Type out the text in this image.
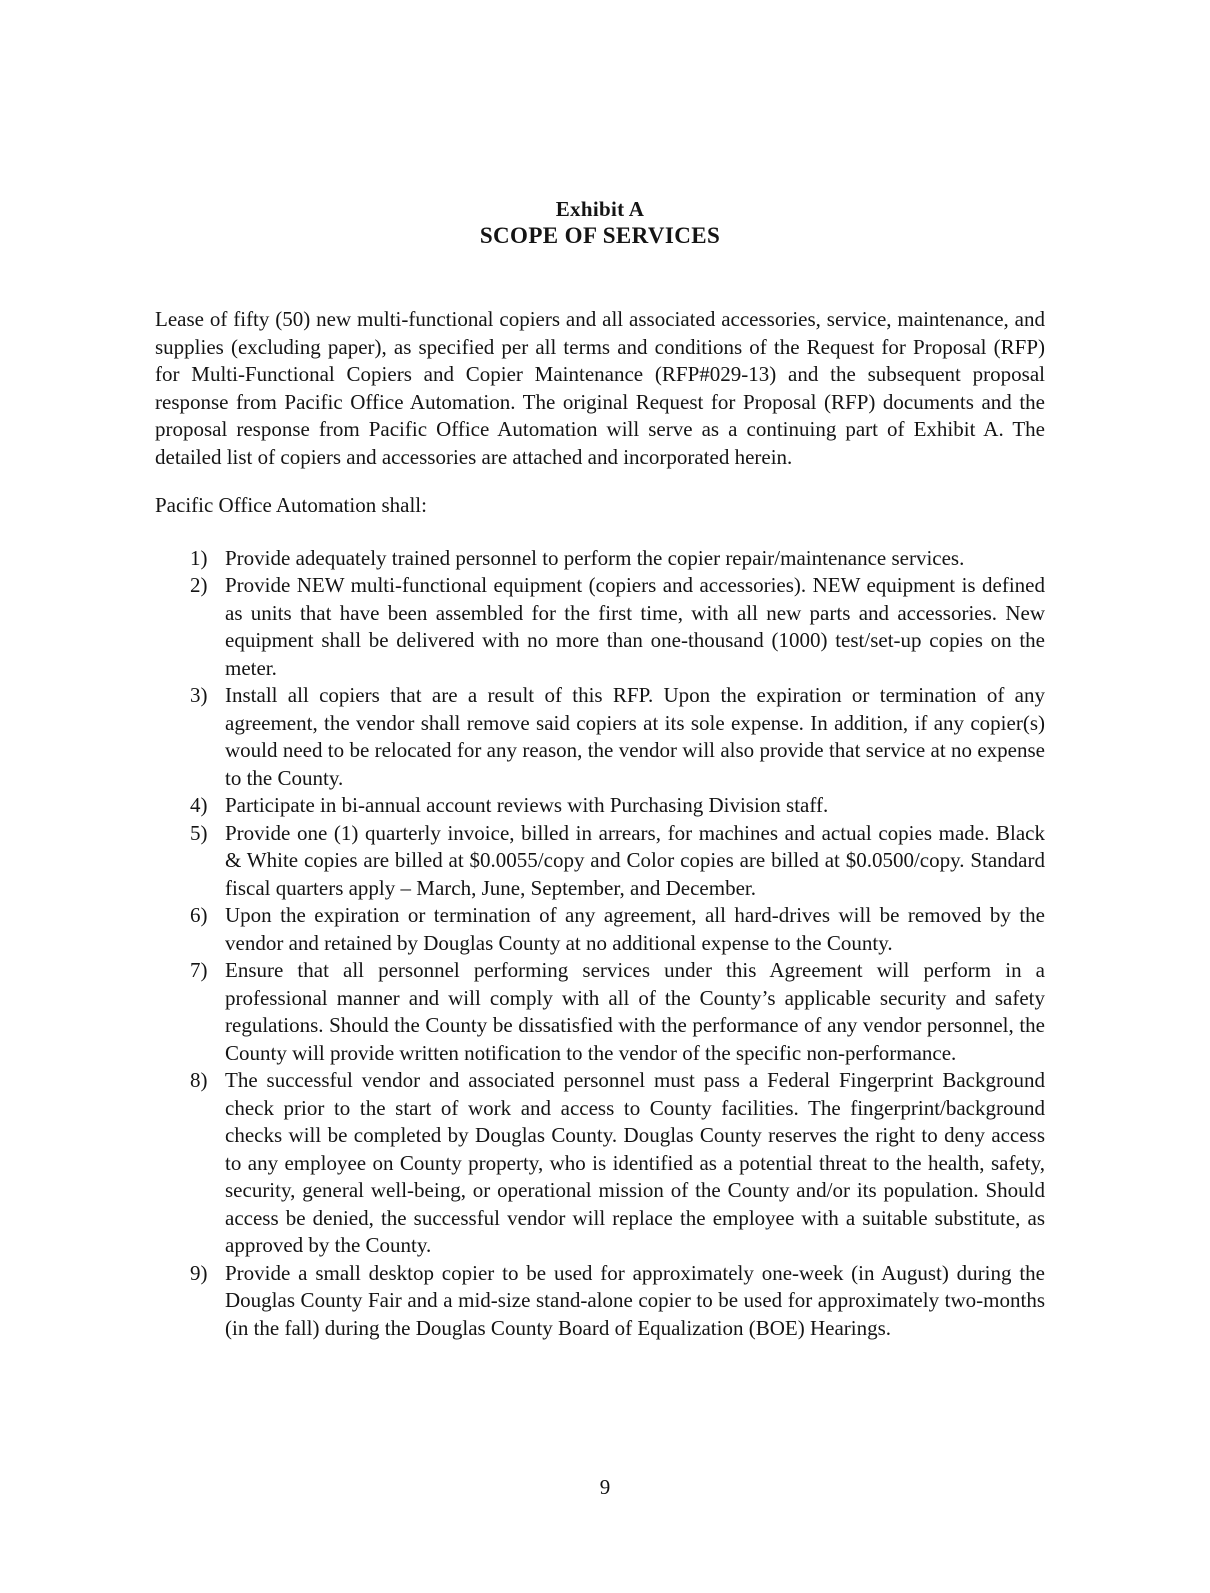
Exhibit A
SCOPE OF SERVICES

Lease of fifty (50) new multi-functional copiers and all associated accessories, service, maintenance, and supplies (excluding paper), as specified per all terms and conditions of the Request for Proposal (RFP) for Multi-Functional Copiers and Copier Maintenance (RFP#029-13) and the subsequent proposal response from Pacific Office Automation. The original Request for Proposal (RFP) documents and the proposal response from Pacific Office Automation will serve as a continuing part of Exhibit A. The detailed list of copiers and accessories are attached and incorporated herein.

Pacific Office Automation shall:

1) Provide adequately trained personnel to perform the copier repair/maintenance services.
2) Provide NEW multi-functional equipment (copiers and accessories). NEW equipment is defined as units that have been assembled for the first time, with all new parts and accessories. New equipment shall be delivered with no more than one-thousand (1000) test/set-up copies on the meter.
3) Install all copiers that are a result of this RFP. Upon the expiration or termination of any agreement, the vendor shall remove said copiers at its sole expense. In addition, if any copier(s) would need to be relocated for any reason, the vendor will also provide that service at no expense to the County.
4) Participate in bi-annual account reviews with Purchasing Division staff.
5) Provide one (1) quarterly invoice, billed in arrears, for machines and actual copies made. Black & White copies are billed at $0.0055/copy and Color copies are billed at $0.0500/copy. Standard fiscal quarters apply – March, June, September, and December.
6) Upon the expiration or termination of any agreement, all hard-drives will be removed by the vendor and retained by Douglas County at no additional expense to the County.
7) Ensure that all personnel performing services under this Agreement will perform in a professional manner and will comply with all of the County’s applicable security and safety regulations. Should the County be dissatisfied with the performance of any vendor personnel, the County will provide written notification to the vendor of the specific non-performance.
8) The successful vendor and associated personnel must pass a Federal Fingerprint Background check prior to the start of work and access to County facilities. The fingerprint/background checks will be completed by Douglas County. Douglas County reserves the right to deny access to any employee on County property, who is identified as a potential threat to the health, safety, security, general well-being, or operational mission of the County and/or its population. Should access be denied, the successful vendor will replace the employee with a suitable substitute, as approved by the County.
9) Provide a small desktop copier to be used for approximately one-week (in August) during the Douglas County Fair and a mid-size stand-alone copier to be used for approximately two-months (in the fall) during the Douglas County Board of Equalization (BOE) Hearings.
9
